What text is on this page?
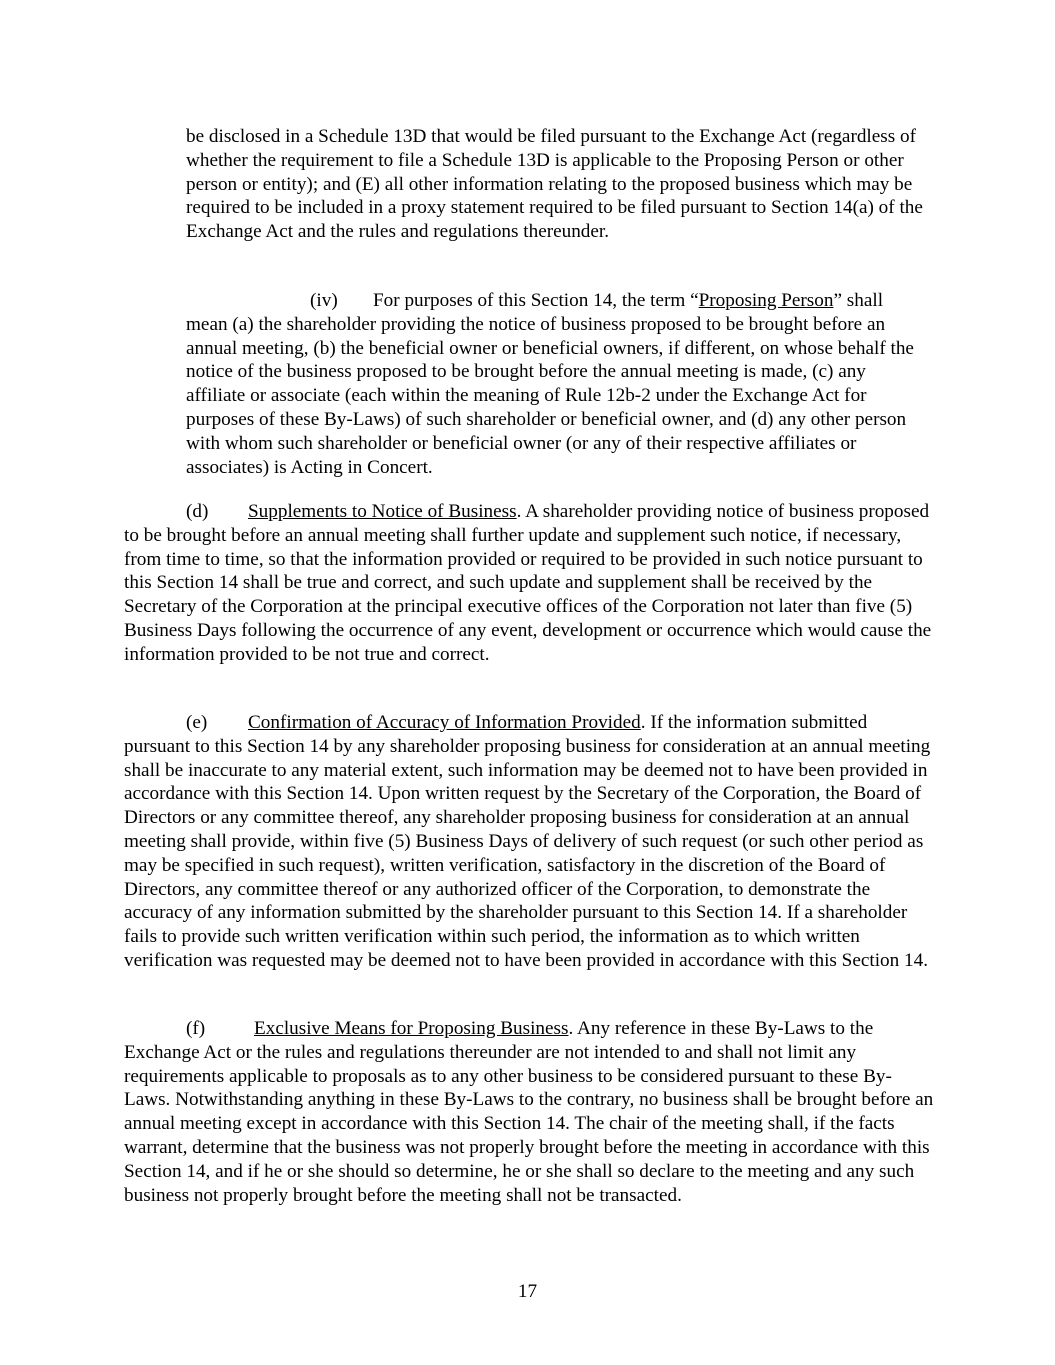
be disclosed in a Schedule 13D that would be filed pursuant to the Exchange Act (regardless of whether the requirement to file a Schedule 13D is applicable to the Proposing Person or other person or entity); and (E) all other information relating to the proposed business which may be required to be included in a proxy statement required to be filed pursuant to Section 14(a) of the Exchange Act and the rules and regulations thereunder.

(iv) For purposes of this Section 14, the term “Proposing Person” shall mean (a) the shareholder providing the notice of business proposed to be brought before an annual meeting, (b) the beneficial owner or beneficial owners, if different, on whose behalf the notice of the business proposed to be brought before the annual meeting is made, (c) any affiliate or associate (each within the meaning of Rule 12b-2 under the Exchange Act for purposes of these By-Laws) of such shareholder or beneficial owner, and (d) any other person with whom such shareholder or beneficial owner (or any of their respective affiliates or associates) is Acting in Concert.

(d) Supplements to Notice of Business. A shareholder providing notice of business proposed to be brought before an annual meeting shall further update and supplement such notice, if necessary, from time to time, so that the information provided or required to be provided in such notice pursuant to this Section 14 shall be true and correct, and such update and supplement shall be received by the Secretary of the Corporation at the principal executive offices of the Corporation not later than five (5) Business Days following the occurrence of any event, development or occurrence which would cause the information provided to be not true and correct.

(e) Confirmation of Accuracy of Information Provided. If the information submitted pursuant to this Section 14 by any shareholder proposing business for consideration at an annual meeting shall be inaccurate to any material extent, such information may be deemed not to have been provided in accordance with this Section 14. Upon written request by the Secretary of the Corporation, the Board of Directors or any committee thereof, any shareholder proposing business for consideration at an annual meeting shall provide, within five (5) Business Days of delivery of such request (or such other period as may be specified in such request), written verification, satisfactory in the discretion of the Board of Directors, any committee thereof or any authorized officer of the Corporation, to demonstrate the accuracy of any information submitted by the shareholder pursuant to this Section 14. If a shareholder fails to provide such written verification within such period, the information as to which written verification was requested may be deemed not to have been provided in accordance with this Section 14.

(f)	Exclusive Means for Proposing Business. Any reference in these By-Laws to the Exchange Act or the rules and regulations thereunder are not intended to and shall not limit any requirements applicable to proposals as to any other business to be considered pursuant to these By-Laws. Notwithstanding anything in these By-Laws to the contrary, no business shall be brought before an annual meeting except in accordance with this Section 14. The chair of the meeting shall, if the facts warrant, determine that the business was not properly brought before the meeting in accordance with this Section 14, and if he or she should so determine, he or she shall so declare to the meeting and any such business not properly brought before the meeting shall not be transacted.

17
